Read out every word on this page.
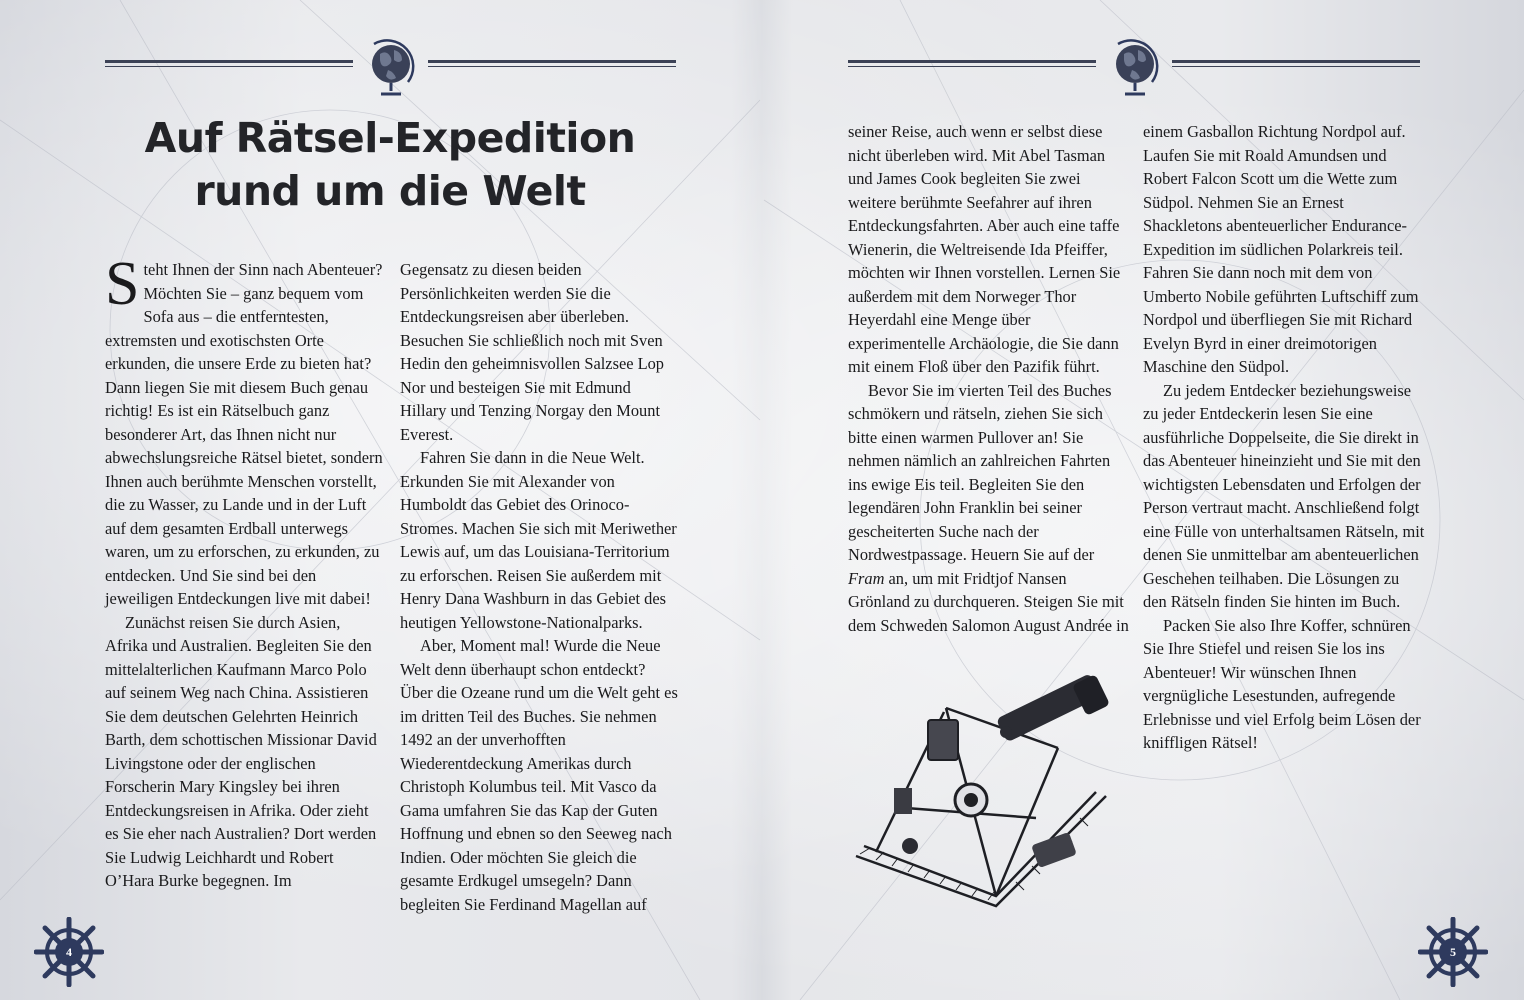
Auf Rätsel-Expedition
rund um die Welt

Steht Ihnen der Sinn nach Abenteuer? Möchten Sie – ganz bequem vom Sofa aus – die entferntesten, extremsten und exotischsten Orte erkunden, die unsere Erde zu bieten hat? Dann liegen Sie mit diesem Buch genau richtig! Es ist ein Rätselbuch ganz besonderer Art, das Ihnen nicht nur abwechslungsreiche Rätsel bietet, sondern Ihnen auch berühmte Menschen vorstellt, die zu Wasser, zu Lande und in der Luft auf dem gesamten Erdball unterwegs waren, um zu erforschen, zu erkunden, zu entdecken. Und Sie sind bei den jeweiligen Entdeckungen live mit dabei!

Zunächst reisen Sie durch Asien, Afrika und Australien. Begleiten Sie den mittelalterlichen Kaufmann Marco Polo auf seinem Weg nach China. Assistieren Sie dem deutschen Gelehrten Heinrich Barth, dem schottischen Missionar David Livingstone oder der englischen Forscherin Mary Kingsley bei ihren Entdeckungsreisen in Afrika. Oder zieht es Sie eher nach Australien? Dort werden Sie Ludwig Leichhardt und Robert O’Hara Burke begegnen. Im

Gegensatz zu diesen beiden Persönlichkeiten werden Sie die Entdeckungsreisen aber überleben. Besuchen Sie schließlich noch mit Sven Hedin den geheimnisvollen Salzsee Lop Nor und besteigen Sie mit Edmund Hillary und Tenzing Norgay den Mount Everest.

Fahren Sie dann in die Neue Welt. Erkunden Sie mit Alexander von Humboldt das Gebiet des Orinoco-Stromes. Machen Sie sich mit Meriwether Lewis auf, um das Louisiana-Territorium zu erforschen. Reisen Sie außerdem mit Henry Dana Washburn in das Gebiet des heutigen Yellowstone-Nationalparks.

Aber, Moment mal! Wurde die Neue Welt denn überhaupt schon entdeckt? Über die Ozeane rund um die Welt geht es im dritten Teil des Buches. Sie nehmen 1492 an der unverhofften Wiederentdeckung Amerikas durch Christoph Kolumbus teil. Mit Vasco da Gama umfahren Sie das Kap der Guten Hoffnung und ebnen so den Seeweg nach Indien. Oder möchten Sie gleich die gesamte Erdkugel umsegeln? Dann begleiten Sie Ferdinand Magellan auf

seiner Reise, auch wenn er selbst diese nicht überleben wird. Mit Abel Tasman und James Cook begleiten Sie zwei weitere berühmte Seefahrer auf ihren Entdeckungsfahrten. Aber auch eine taffe Wienerin, die Weltreisende Ida Pfeiffer, möchten wir Ihnen vorstellen. Lernen Sie außerdem mit dem Norweger Thor Heyerdahl eine Menge über experimentelle Archäologie, die Sie dann mit einem Floß über den Pazifik führt.

Bevor Sie im vierten Teil des Buches schmökern und rätseln, ziehen Sie sich bitte einen warmen Pullover an! Sie nehmen nämlich an zahlreichen Fahrten ins ewige Eis teil. Begleiten Sie den legendären John Franklin bei seiner gescheiterten Suche nach der Nordwestpassage. Heuern Sie auf der Fram an, um mit Fridtjof Nansen Grönland zu durchqueren. Steigen Sie mit dem Schweden Salomon August Andrée in

einem Gasballon Richtung Nordpol auf. Laufen Sie mit Roald Amundsen und Robert Falcon Scott um die Wette zum Südpol. Nehmen Sie an Ernest Shackletons abenteuerlicher Endurance-Expedition im südlichen Polarkreis teil. Fahren Sie dann noch mit dem von Umberto Nobile geführten Luftschiff zum Nordpol und überfliegen Sie mit Richard Evelyn Byrd in einer dreimotorigen Maschine den Südpol.

Zu jedem Entdecker beziehungsweise zu jeder Entdeckerin lesen Sie eine ausführliche Doppelseite, die Sie direkt in das Abenteuer hineinzieht und Sie mit den wichtigsten Lebensdaten und Erfolgen der Person vertraut macht. Anschließend folgt eine Fülle von unterhaltsamen Rätseln, mit denen Sie unmittelbar am abenteuerlichen Geschehen teilhaben. Die Lösungen zu den Rätseln finden Sie hinten im Buch.

Packen Sie also Ihre Koffer, schnüren Sie Ihre Stiefel und reisen Sie los ins Abenteuer! Wir wünschen Ihnen vergnügliche Lesestunden, aufregende Erlebnisse und viel Erfolg beim Lösen der kniffligen Rätsel!

4	5
